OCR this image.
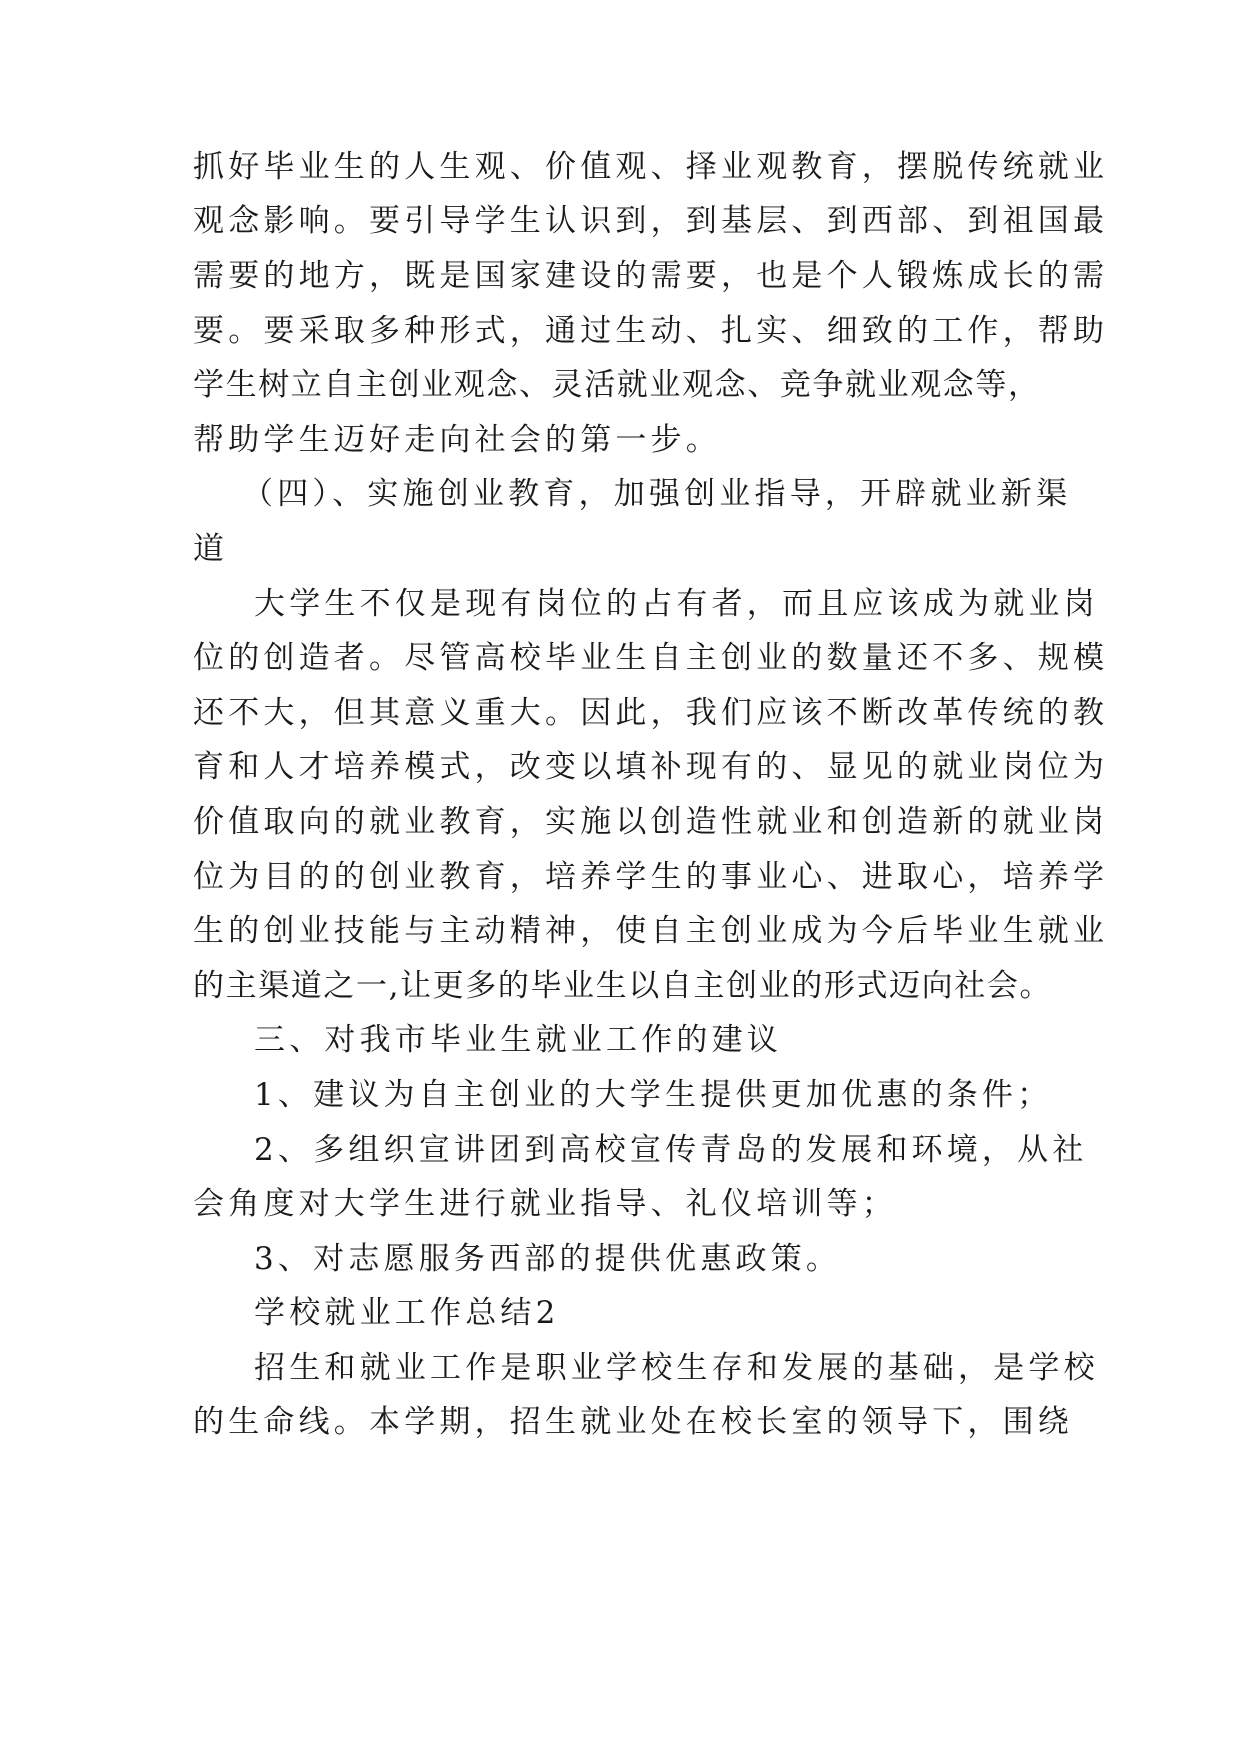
抓好毕业生的人生观、价值观、择业观教育，摆脱传统就业
观念影响。要引导学生认识到，到基层、到西部、到祖国最
需要的地方，既是国家建设的需要，也是个人锻炼成长的需
要。要采取多种形式，通过生动、扎实、细致的工作，帮助
学生树立自主创业观念、灵活就业观念、竞争就业观念等，
帮助学生迈好走向社会的第一步。
（四）、实施创业教育，加强创业指导，开辟就业新渠
道
大学生不仅是现有岗位的占有者，而且应该成为就业岗
位的创造者。尽管高校毕业生自主创业的数量还不多、规模
还不大，但其意义重大。因此，我们应该不断改革传统的教
育和人才培养模式，改变以填补现有的、显见的就业岗位为
价值取向的就业教育，实施以创造性就业和创造新的就业岗
位为目的的创业教育，培养学生的事业心、进取心，培养学
生的创业技能与主动精神，使自主创业成为今后毕业生就业
的主渠道之一,让更多的毕业生以自主创业的形式迈向社会。
三、对我市毕业生就业工作的建议
1、建议为自主创业的大学生提供更加优惠的条件；
2、多组织宣讲团到高校宣传青岛的发展和环境，从社
会角度对大学生进行就业指导、礼仪培训等；
3、对志愿服务西部的提供优惠政策。
学校就业工作总结2
招生和就业工作是职业学校生存和发展的基础，是学校
的生命线。本学期，招生就业处在校长室的领导下，围绕
